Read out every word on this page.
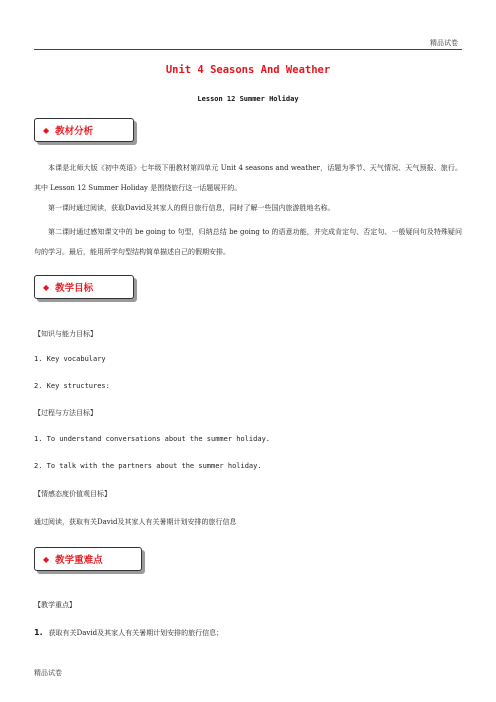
精品试卷
Unit 4 Seasons And Weather
Lesson 12 Summer Holiday
◆ 教材分析

本课是北师大版《初中英语》七年级下册教材第四单元 Unit 4 seasons and weather，话题为季节、天气情况、天气预报、旅行。其中 Lesson 12 Summer Holiday 是围绕旅行这一话题展开的。

第一课时通过阅读，获取David及其家人的假日旅行信息，同时了解一些国内旅游胜地名称。

第二课时通过感知课文中的 be going to 句型，归纳总结 be going to 的语意功能，并完成肯定句、否定句、一般疑问句及特殊疑问句的学习。最后，能用所学句型结构简单描述自己的假期安排。

◆ 教学目标

【知识与能力目标】

1. Key vocabulary

2. Key structures:

【过程与方法目标】

1. To understand conversations about the summer holiday.

2. To talk with the partners about the summer holiday.

【情感态度价值观目标】

通过阅读，获取有关David及其家人有关暑期计划安排的旅行信息

◆ 教学重难点

【教学重点】

1. 获取有关David及其家人有关暑期计划安排的旅行信息；

精品试卷
